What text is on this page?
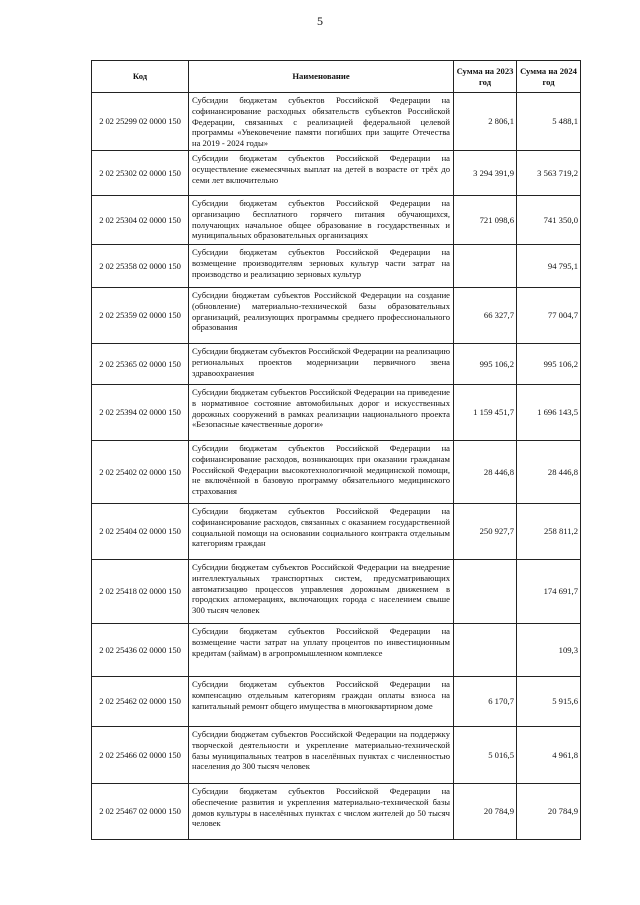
5
Код	Наименование	Сумма на 2023 год	Сумма на 2024 год
2 02 25299 02 0000 150	Субсидии бюджетам субъектов Российской Федерации на софинансирование расходных обязательств субъектов Российской Федерации, связанных с реализацией федеральной целевой программы «Увековечение памяти погибших при защите Отечества на 2019 - 2024 годы»	2 806,1	5 488,1
2 02 25302 02 0000 150	Субсидии бюджетам субъектов Российской Федерации на осуществление ежемесячных выплат на детей в возрасте от трёх до семи лет включительно	3 294 391,9	3 563 719,2
2 02 25304 02 0000 150	Субсидии бюджетам субъектов Российской Федерации на организацию бесплатного горячего питания обучающихся, получающих начальное общее образование в государственных и муниципальных образовательных организациях	721 098,6	741 350,0
2 02 25358 02 0000 150	Субсидии бюджетам субъектов Российской Федерации на возмещение производителям зерновых культур части затрат на производство и реализацию зерновых культур		94 795,1
2 02 25359 02 0000 150	Субсидии бюджетам субъектов Российской Федерации на создание (обновление) материально-технической базы образовательных организаций, реализующих программы среднего профессионального образования	66 327,7	77 004,7
2 02 25365 02 0000 150	Субсидии бюджетам субъектов Российской Федерации на реализацию региональных проектов модернизации первичного звена здравоохранения	995 106,2	995 106,2
2 02 25394 02 0000 150	Субсидии бюджетам субъектов Российской Федерации на приведение в нормативное состояние автомобильных дорог и искусственных дорожных сооружений в рамках реализации национального проекта «Безопасные качественные дороги»	1 159 451,7	1 696 143,5
2 02 25402 02 0000 150	Субсидии бюджетам субъектов Российской Федерации на софинансирование расходов, возникающих при оказании гражданам Российской Федерации высокотехнологичной медицинской помощи, не включённой в базовую программу обязательного медицинского страхования	28 446,8	28 446,8
2 02 25404 02 0000 150	Субсидии бюджетам субъектов Российской Федерации на софинансирование расходов, связанных с оказанием государственной социальной помощи на основании социального контракта отдельным категориям граждан	250 927,7	258 811,2
2 02 25418 02 0000 150	Субсидии бюджетам субъектов Российской Федерации на внедрение интеллектуальных транспортных систем, предусматривающих автоматизацию процессов управления дорожным движением в городских агломерациях, включающих города с населением свыше 300 тысяч человек		174 691,7
2 02 25436 02 0000 150	Субсидии бюджетам субъектов Российской Федерации на возмещение части затрат на уплату процентов по инвестиционным кредитам (займам) в агропромышленном комплексе		109,3
2 02 25462 02 0000 150	Субсидии бюджетам субъектов Российской Федерации на компенсацию отдельным категориям граждан оплаты взноса на капитальный ремонт общего имущества в многоквартирном доме	6 170,7	5 915,6
2 02 25466 02 0000 150	Субсидии бюджетам субъектов Российской Федерации на поддержку творческой деятельности и укрепление материально-технической базы муниципальных театров в населённых пунктах с численностью населения до 300 тысяч человек	5 016,5	4 961,8
2 02 25467 02 0000 150	Субсидии бюджетам субъектов Российской Федерации на обеспечение развития и укрепления материально-технической базы домов культуры в населённых пунктах с числом жителей до 50 тысяч человек	20 784,9	20 784,9
